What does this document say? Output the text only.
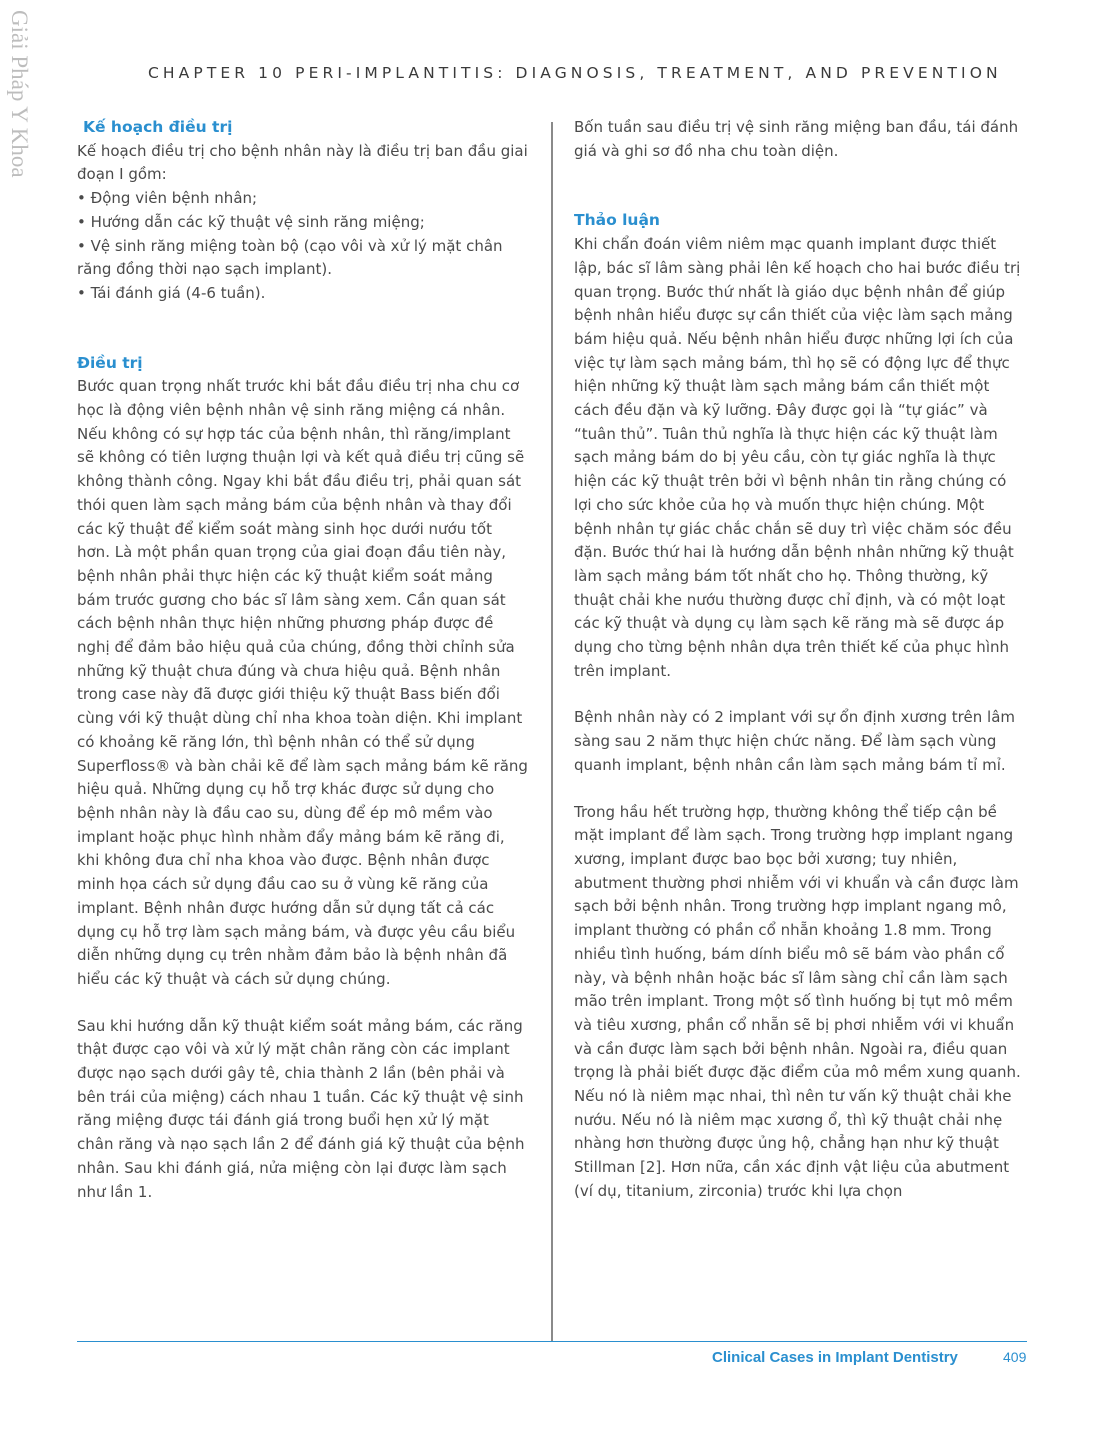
Giải Pháp Y Khoa	CHAPTER 10 PERI-IMPLANTITIS: DIAGNOSIS, TREATMENT, AND PREVENTION
Kế hoạch điều trị

Kế hoạch điều trị cho bệnh nhân này là điều trị ban đầu giai đoạn I gồm:

• Động viên bệnh nhân;
• Hướng dẫn các kỹ thuật vệ sinh răng miệng;
• Vệ sinh răng miệng toàn bộ (cạo vôi và xử lý mặt chân răng đồng thời nạo sạch implant).
• Tái đánh giá (4-6 tuần).
Điều trị

Bước quan trọng nhất trước khi bắt đầu điều trị nha chu cơ học là động viên bệnh nhân vệ sinh răng miệng cá nhân. Nếu không có sự hợp tác của bệnh nhân, thì răng/implant sẽ không có tiên lượng thuận lợi và kết quả điều trị cũng sẽ không thành công. Ngay khi bắt đầu điều trị, phải quan sát thói quen làm sạch mảng bám của bệnh nhân và thay đổi các kỹ thuật để kiểm soát màng sinh học dưới nướu tốt hơn. Là một phần quan trọng của giai đoạn đầu tiên này, bệnh nhân phải thực hiện các kỹ thuật kiểm soát mảng bám trước gương cho bác sĩ lâm sàng xem. Cần quan sát cách bệnh nhân thực hiện những phương pháp được đề nghị để đảm bảo hiệu quả của chúng, đồng thời chỉnh sửa những kỹ thuật chưa đúng và chưa hiệu quả. Bệnh nhân trong case này đã được giới thiệu kỹ thuật Bass biến đổi cùng với kỹ thuật dùng chỉ nha khoa toàn diện. Khi implant có khoảng kẽ răng lớn, thì bệnh nhân có thể sử dụng Superfloss® và bàn chải kẽ để làm sạch mảng bám kẽ răng hiệu quả. Những dụng cụ hỗ trợ khác được sử dụng cho bệnh nhân này là đầu cao su, dùng để ép mô mềm vào implant hoặc phục hình nhằm đẩy mảng bám kẽ răng đi, khi không đưa chỉ nha khoa vào được. Bệnh nhân được minh họa cách sử dụng đầu cao su ở vùng kẽ răng của implant. Bệnh nhân được hướng dẫn sử dụng tất cả các dụng cụ hỗ trợ làm sạch mảng bám, và được yêu cầu biểu diễn những dụng cụ trên nhằm đảm bảo là bệnh nhân đã hiểu các kỹ thuật và cách sử dụng chúng.

Sau khi hướng dẫn kỹ thuật kiểm soát mảng bám, các răng thật được cạo vôi và xử lý mặt chân răng còn các implant được nạo sạch dưới gây tê, chia thành 2 lần (bên phải và bên trái của miệng) cách nhau 1 tuần. Các kỹ thuật vệ sinh răng miệng được tái đánh giá trong buổi hẹn xử lý mặt chân răng và nạo sạch lần 2 để đánh giá kỹ thuật của bệnh nhân. Sau khi đánh giá, nửa miệng còn lại được làm sạch như lần 1.

Bốn tuần sau điều trị vệ sinh răng miệng ban đầu, tái đánh giá và ghi sơ đồ nha chu toàn diện.

Thảo luận

Khi chẩn đoán viêm niêm mạc quanh implant được thiết lập, bác sĩ lâm sàng phải lên kế hoạch cho hai bước điều trị quan trọng. Bước thứ nhất là giáo dục bệnh nhân để giúp bệnh nhân hiểu được sự cần thiết của việc làm sạch mảng bám hiệu quả. Nếu bệnh nhân hiểu được những lợi ích của việc tự làm sạch mảng bám, thì họ sẽ có động lực để thực hiện những kỹ thuật làm sạch mảng bám cần thiết một cách đều đặn và kỹ lưỡng. Đây được gọi là “tự giác” và “tuân thủ”. Tuân thủ nghĩa là thực hiện các kỹ thuật làm sạch mảng bám do bị yêu cầu, còn tự giác nghĩa là thực hiện các kỹ thuật trên bởi vì bệnh nhân tin rằng chúng có lợi cho sức khỏe của họ và muốn thực hiện chúng. Một bệnh nhân tự giác chắc chắn sẽ duy trì việc chăm sóc đều đặn. Bước thứ hai là hướng dẫn bệnh nhân những kỹ thuật làm sạch mảng bám tốt nhất cho họ. Thông thường, kỹ thuật chải khe nướu thường được chỉ định, và có một loạt các kỹ thuật và dụng cụ làm sạch kẽ răng mà sẽ được áp dụng cho từng bệnh nhân dựa trên thiết kế của phục hình trên implant.

Bệnh nhân này có 2 implant với sự ổn định xương trên lâm sàng sau 2 năm thực hiện chức năng. Để làm sạch vùng quanh implant, bệnh nhân cần làm sạch mảng bám tỉ mỉ.

Trong hầu hết trường hợp, thường không thể tiếp cận bề mặt implant để làm sạch. Trong trường hợp implant ngang xương, implant được bao bọc bởi xương; tuy nhiên, abutment thường phơi nhiễm với vi khuẩn và cần được làm sạch bởi bệnh nhân. Trong trường hợp implant ngang mô, implant thường có phần cổ nhẵn khoảng 1.8 mm. Trong nhiều tình huống, bám dính biểu mô sẽ bám vào phần cổ này, và bệnh nhân hoặc bác sĩ lâm sàng chỉ cần làm sạch mão trên implant. Trong một số tình huống bị tụt mô mềm và tiêu xương, phần cổ nhẵn sẽ bị phơi nhiễm với vi khuẩn và cần được làm sạch bởi bệnh nhân. Ngoài ra, điều quan trọng là phải biết được đặc điểm của mô mềm xung quanh. Nếu nó là niêm mạc nhai, thì nên tư vấn kỹ thuật chải khe nướu. Nếu nó là niêm mạc xương ổ, thì kỹ thuật chải nhẹ nhàng hơn thường được ủng hộ, chẳng hạn như kỹ thuật Stillman [2]. Hơn nữa, cần xác định vật liệu của abutment (ví dụ, titanium, zirconia) trước khi lựa chọn

Clinical Cases in Implant Dentistry	409
